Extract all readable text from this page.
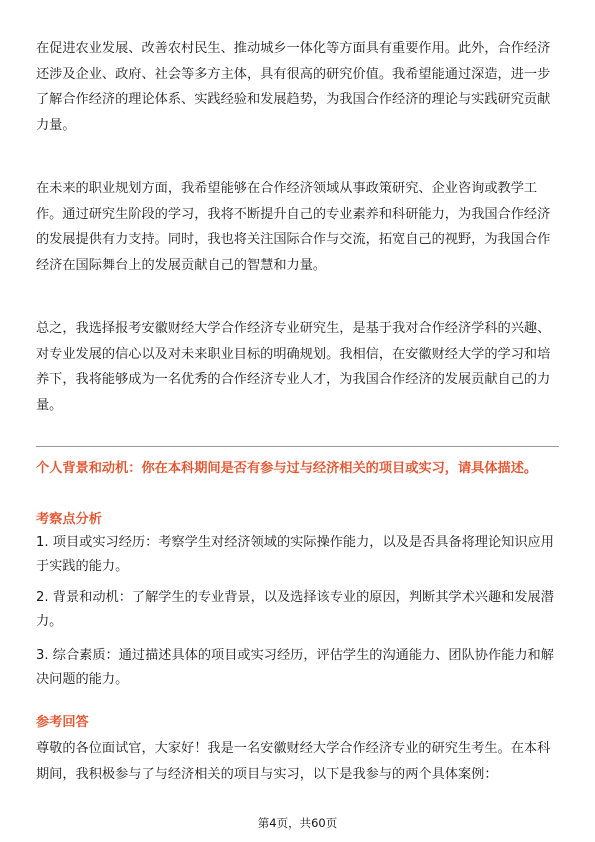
在促进农业发展、改善农村民生、推动城乡一体化等方面具有重要作用。此外，合作经济还涉及企业、政府、社会等多方主体，具有很高的研究价值。我希望能通过深造，进一步了解合作经济的理论体系、实践经验和发展趋势，为我国合作经济的理论与实践研究贡献力量。

在未来的职业规划方面，我希望能够在合作经济领域从事政策研究、企业咨询或教学工作。通过研究生阶段的学习，我将不断提升自己的专业素养和科研能力，为我国合作经济的发展提供有力支持。同时，我也将关注国际合作与交流，拓宽自己的视野，为我国合作经济在国际舞台上的发展贡献自己的智慧和力量。

总之，我选择报考安徽财经大学合作经济专业研究生，是基于我对合作经济学科的兴趣、对专业发展的信心以及对未来职业目标的明确规划。我相信，在安徽财经大学的学习和培养下，我将能够成为一名优秀的合作经济专业人才，为我国合作经济的发展贡献自己的力量。

个人背景和动机：你在本科期间是否有参与过与经济相关的项目或实习，请具体描述。

考察点分析

1. 项目或实习经历：考察学生对经济领域的实际操作能力，以及是否具备将理论知识应用于实践的能力。

2. 背景和动机：了解学生的专业背景，以及选择该专业的原因，判断其学术兴趣和发展潜力。

3. 综合素质：通过描述具体的项目或实习经历，评估学生的沟通能力、团队协作能力和解决问题的能力。

参考回答

尊敬的各位面试官，大家好！我是一名安徽财经大学合作经济专业的研究生考生。在本科期间，我积极参与了与经济相关的项目与实习，以下是我参与的两个具体案例：

第4页，共60页
